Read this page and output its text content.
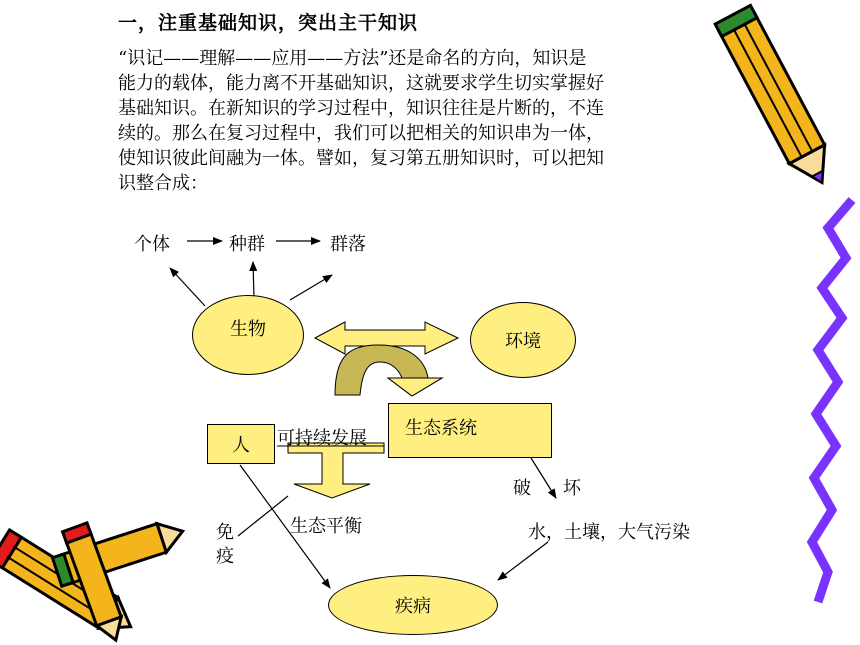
一，注重基础知识，突出主干知识
“识记——理解——应用——方法”还是命名的方向，知识是
能力的载体，能力离不开基础知识，这就要求学生切实掌握好
基础知识。在新知识的学习过程中，知识往往是片断的，不连
续的。那么在复习过程中，我们可以把相关的知识串为一体，
使知识彼此间融为一体。譬如，复习第五册知识时，可以把知
识整合成：
个体	种群	群落
生物
环境
人
生态系统
疾病
可持续发展
破 坏
免
疫
生态平衡	水，土壤，大气污染
